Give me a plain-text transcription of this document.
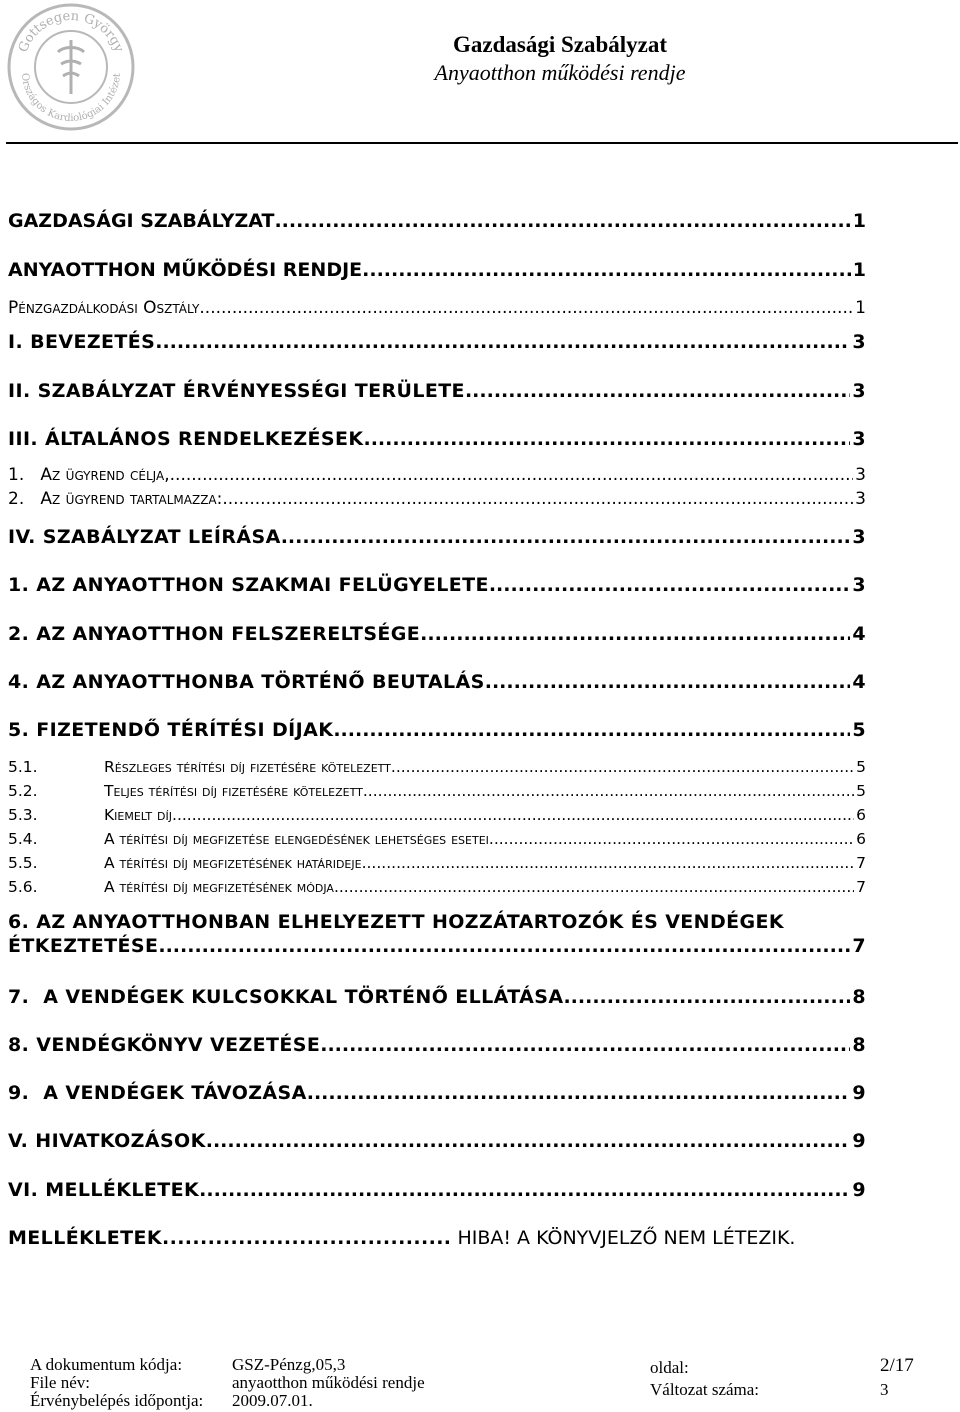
Gottsegen György
Országos Kardiológiai Intézet
Gazdasági Szabályzat
Anyaotthon működési rendje
GAZDASÁGI SZABÁLYZAT .....	1
ANYAOTTHON MŰKÖDÉSI RENDJE .....	1
Pénzgazdálkodási Osztály .....	1
I. BEVEZETÉS .....	3
II. SZABÁLYZAT ÉRVÉNYESSÉGI TERÜLETE .....	3
III. ÁLTALÁNOS RENDELKEZÉSEK .....	3
1.   Az ügyrend célja, .....	3
2.   Az ügyrend tartalmazza: .....	3
IV. SZABÁLYZAT LEÍRÁSA .....	3
1. AZ ANYAOTTHON SZAKMAI FELÜGYELETE .....	3
2. AZ ANYAOTTHON FELSZERELTSÉGE .....	4
4. AZ ANYAOTTHONBA TÖRTÉNŐ BEUTALÁS .....	4
5. FIZETENDŐ TÉRÍTÉSI DÍJAK .....	5
5.1.	Részleges térítési díj fizetésére kötelezett .....	5
5.2.	Teljes térítési díj fizetésére kötelezett .....	5
5.3.	Kiemelt díj .....	6
5.4.	A térítési díj megfizetése elengedésének lehetséges esetei .....	6
5.5.	A térítési díj megfizetésének határideje .....	7
5.6.	A térítési díj megfizetésének módja .....	7
6. AZ ANYAOTTHONBAN ELHELYEZETT HOZZÁTARTOZÓK ÉS VENDÉGEK
ÉTKEZTETÉSE .....	7
7.  A VENDÉGEK KULCSOKKAL TÖRTÉNŐ ELLÁTÁSA .....	8
8. VENDÉGKÖNYV VEZETÉSE .....	8
9.  A VENDÉGEK TÁVOZÁSA .....	9
V. HIVATKOZÁSOK .....	9
VI. MELLÉKLETEK .....	9
MELLÉKLETEK...................................... HIBA! A KÖNYVJELZŐ NEM LÉTEZIK.
A dokumentum kódja:	GSZ-Pénzg,05,3
File név:	anyaotthon működési rendje
Érvénybelépés időpontja: 2009.07.01.
oldal:	2/17
Változat száma:	3
